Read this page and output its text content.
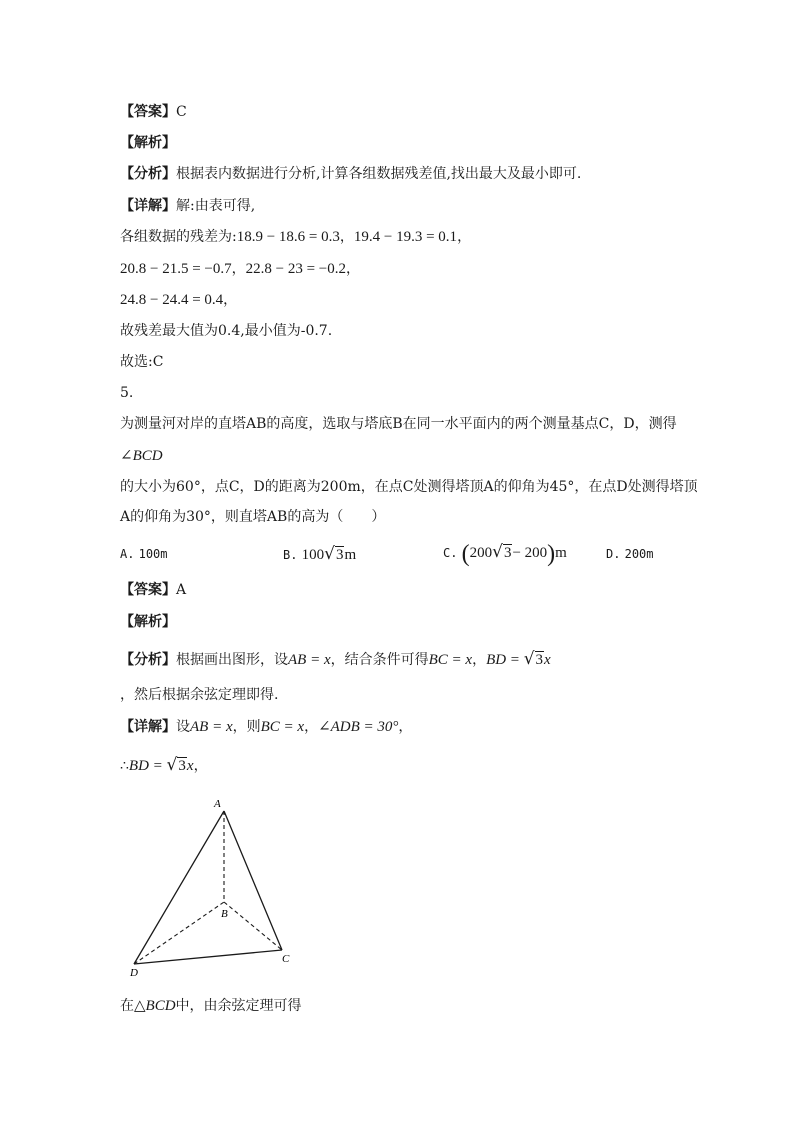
【答案】C
【解析】
【分析】根据表内数据进行分析,计算各组数据残差值,找出最大及最小即可.
【详解】解:由表可得,
各组数据的残差为:18.9 − 18.6 = 0.3，19.4 − 19.3 = 0.1，
20.8 − 21.5 = −0.7，22.8 − 23 = −0.2，
24.8 − 24.4 = 0.4，
故残差最大值为0.4,最小值为-0.7.
故选:C
5.
为测量河对岸的直塔AB的高度，选取与塔底B在同一水平面内的两个测量基点C，D，测得
∠BCD
的大小为60°，点C，D的距离为200m，在点C处测得塔顶A的仰角为45°，在点D处测得塔顶
A的仰角为30°，则直塔AB的高为（　　）
A. 100m	B. 100√3m	C. (200√3− 200)m	D. 200m
【答案】A
【解析】
【分析】根据画出图形，设AB = x，结合条件可得BC = x，BD = √3x
，然后根据余弦定理即得.
【详解】设AB = x，则BC = x，∠ADB = 30°，
∴BD = √3x，
A
B
C
D
在△BCD中，由余弦定理可得
